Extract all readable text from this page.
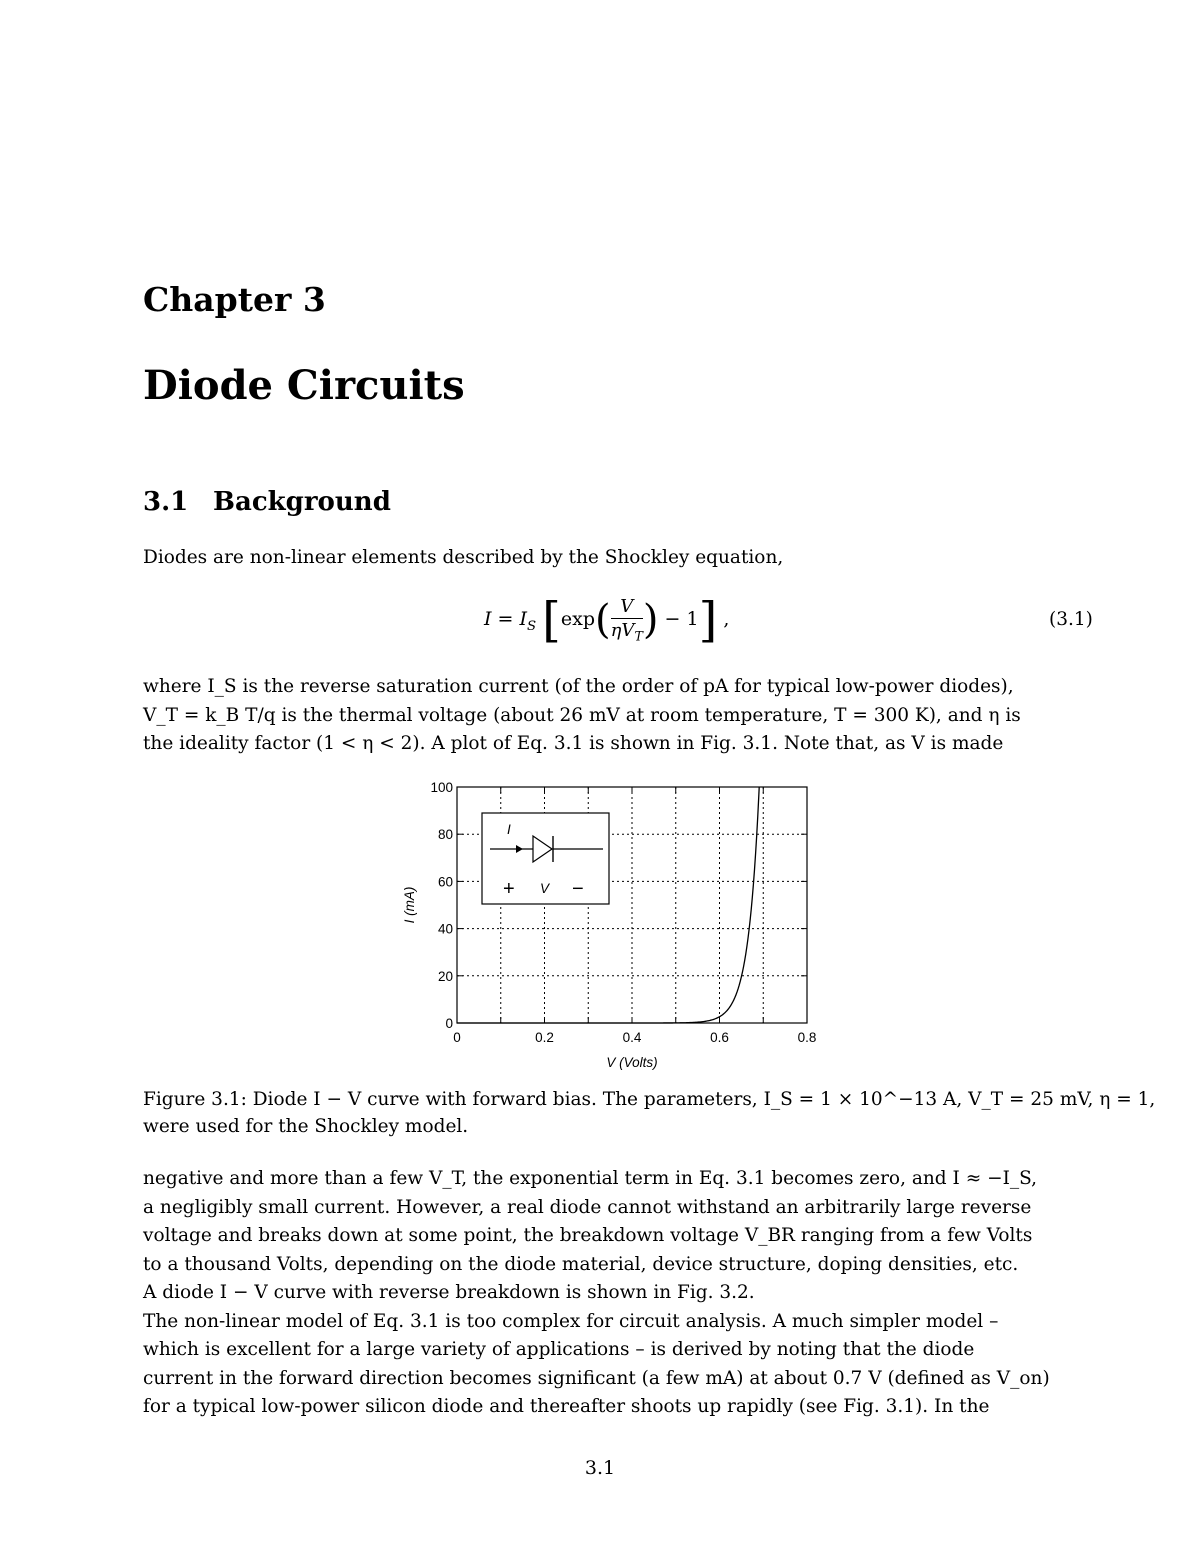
Chapter 3
Diode Circuits
3.1 Background
Diodes are non-linear elements described by the Shockley equation,
$I = I_S$ [$\exp( \frac{V}{\eta V_T}$ ) − 1] ,	(3.1)
where I_S is the reverse saturation current (of the order of pA for typical low-power diodes),
V_T = k_B T/q is the thermal voltage (about 26 mV at room temperature, T = 300 K), and η is
the ideality factor (1 < η < 2). A plot of Eq. 3.1 is shown in Fig. 3.1. Note that, as V is made
0
20
40
60
80
100
0	0.2	0.4	0.6	0.8
I
+ V −
V (Volts)
I (mA)
Figure 3.1: Diode I − V curve with forward bias. The parameters, I_S = 1 × 10^−13 A, V_T = 25 mV, η = 1,
were used for the Shockley model.
negative and more than a few V_T, the exponential term in Eq. 3.1 becomes zero, and I ≈ −I_S,
a negligibly small current. However, a real diode cannot withstand an arbitrarily large reverse
voltage and breaks down at some point, the breakdown voltage V_BR ranging from a few Volts
to a thousand Volts, depending on the diode material, device structure, doping densities, etc.
A diode I − V curve with reverse breakdown is shown in Fig. 3.2.
The non-linear model of Eq. 3.1 is too complex for circuit analysis. A much simpler model –
which is excellent for a large variety of applications – is derived by noting that the diode
current in the forward direction becomes significant (a few mA) at about 0.7 V (defined as V_on)
for a typical low-power silicon diode and thereafter shoots up rapidly (see Fig. 3.1). In the
3.1
